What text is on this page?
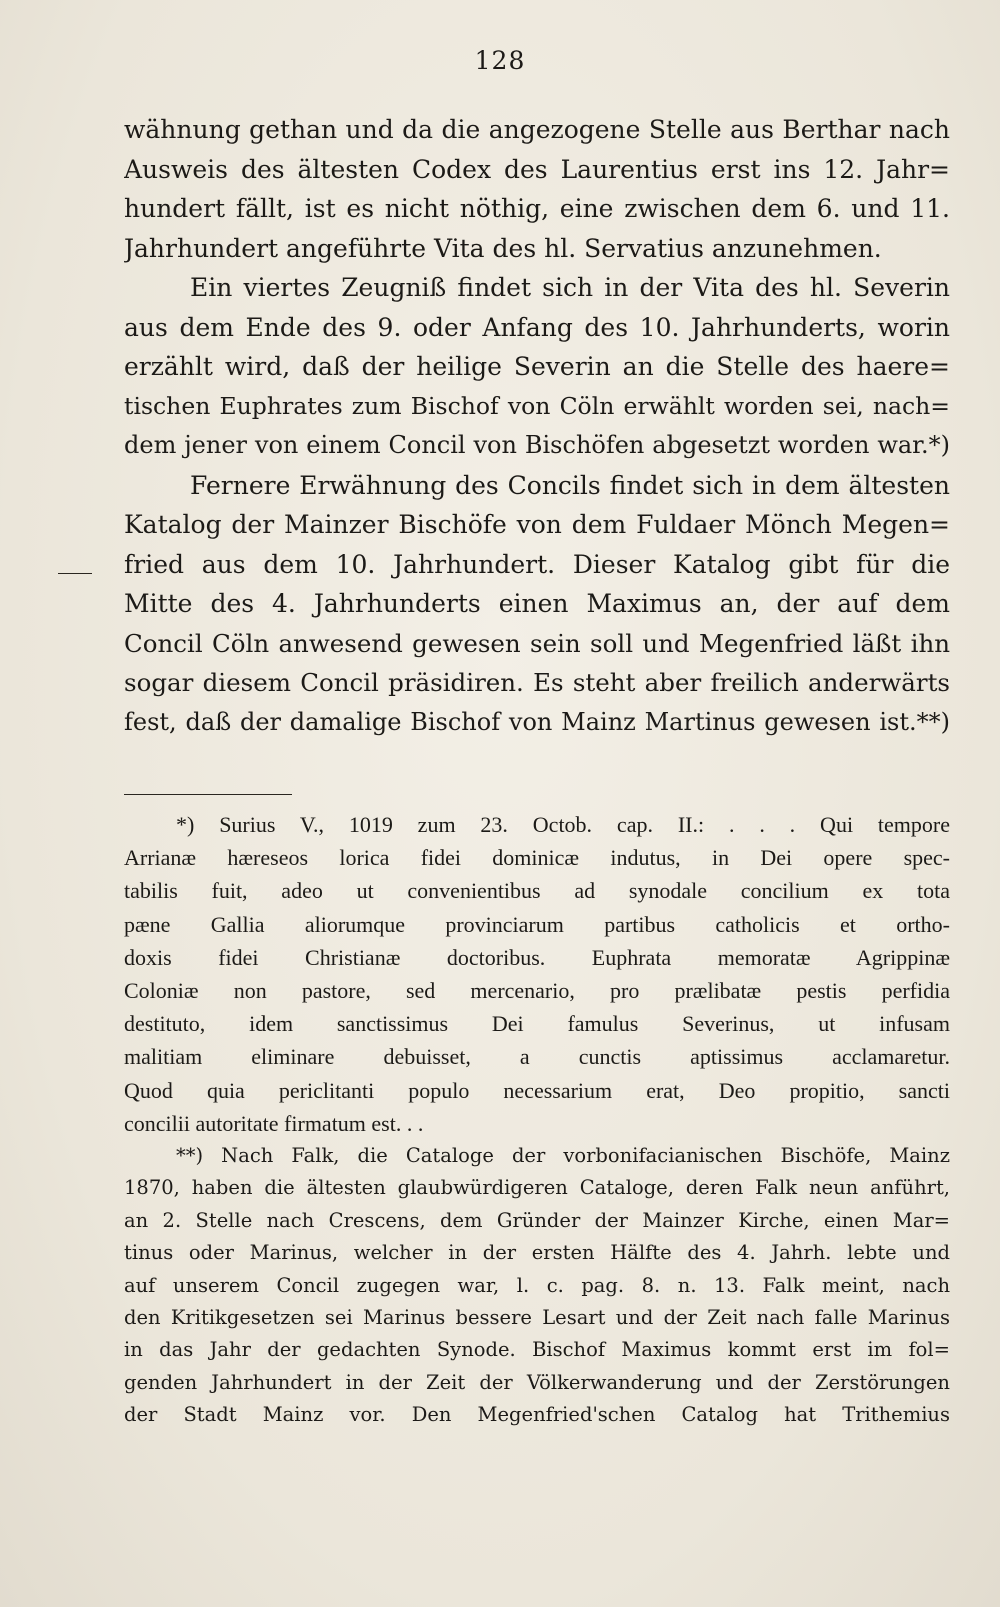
128
wähnung gethan und da die angezogene Stelle aus Berthar nach
Ausweis des ältesten Codex des Laurentius erst ins 12. Jahr=
hundert fällt, ist es nicht nöthig, eine zwischen dem 6. und 11.
Jahrhundert angeführte Vita des hl. Servatius anzunehmen.
Ein viertes Zeugniß findet sich in der Vita des hl. Severin
aus dem Ende des 9. oder Anfang des 10. Jahrhunderts, worin
erzählt wird, daß der heilige Severin an die Stelle des haere=
tischen Euphrates zum Bischof von Cöln erwählt worden sei, nach=
dem jener von einem Concil von Bischöfen abgesetzt worden war.*)
Fernere Erwähnung des Concils findet sich in dem ältesten
Katalog der Mainzer Bischöfe von dem Fuldaer Mönch Megen=
fried aus dem 10. Jahrhundert. Dieser Katalog gibt für die
Mitte des 4. Jahrhunderts einen Maximus an, der auf dem
Concil Cöln anwesend gewesen sein soll und Megenfried läßt ihn
sogar diesem Concil präsidiren. Es steht aber freilich anderwärts
fest, daß der damalige Bischof von Mainz Martinus gewesen ist.**)
*) Surius V., 1019 zum 23. Octob. cap. II.: . . . Qui tempore
Arrianæ hæreseos lorica fidei dominicæ indutus, in Dei opere spec-
tabilis fuit, adeo ut convenientibus ad synodale concilium ex tota
pæne Gallia aliorumque provinciarum partibus catholicis et ortho-
doxis fidei Christianæ doctoribus. Euphrata memoratæ Agrippinæ
Coloniæ non pastore, sed mercenario, pro prælibatæ pestis perfidia
destituto, idem sanctissimus Dei famulus Severinus, ut infusam
malitiam eliminare debuisset, a cunctis aptissimus acclamaretur.
Quod quia periclitanti populo necessarium erat, Deo propitio, sancti
concilii autoritate firmatum est. . .
**) Nach Falk, die Cataloge der vorbonifacianischen Bischöfe, Mainz
1870, haben die ältesten glaubwürdigeren Cataloge, deren Falk neun anführt,
an 2. Stelle nach Crescens, dem Gründer der Mainzer Kirche, einen Mar=
tinus oder Marinus, welcher in der ersten Hälfte des 4. Jahrh. lebte und
auf unserem Concil zugegen war, l. c. pag. 8. n. 13. Falk meint, nach
den Kritikgesetzen sei Marinus bessere Lesart und der Zeit nach falle Marinus
in das Jahr der gedachten Synode. Bischof Maximus kommt erst im fol=
genden Jahrhundert in der Zeit der Völkerwanderung und der Zerstörungen
der Stadt Mainz vor. Den Megenfried'schen Catalog hat Trithemius
